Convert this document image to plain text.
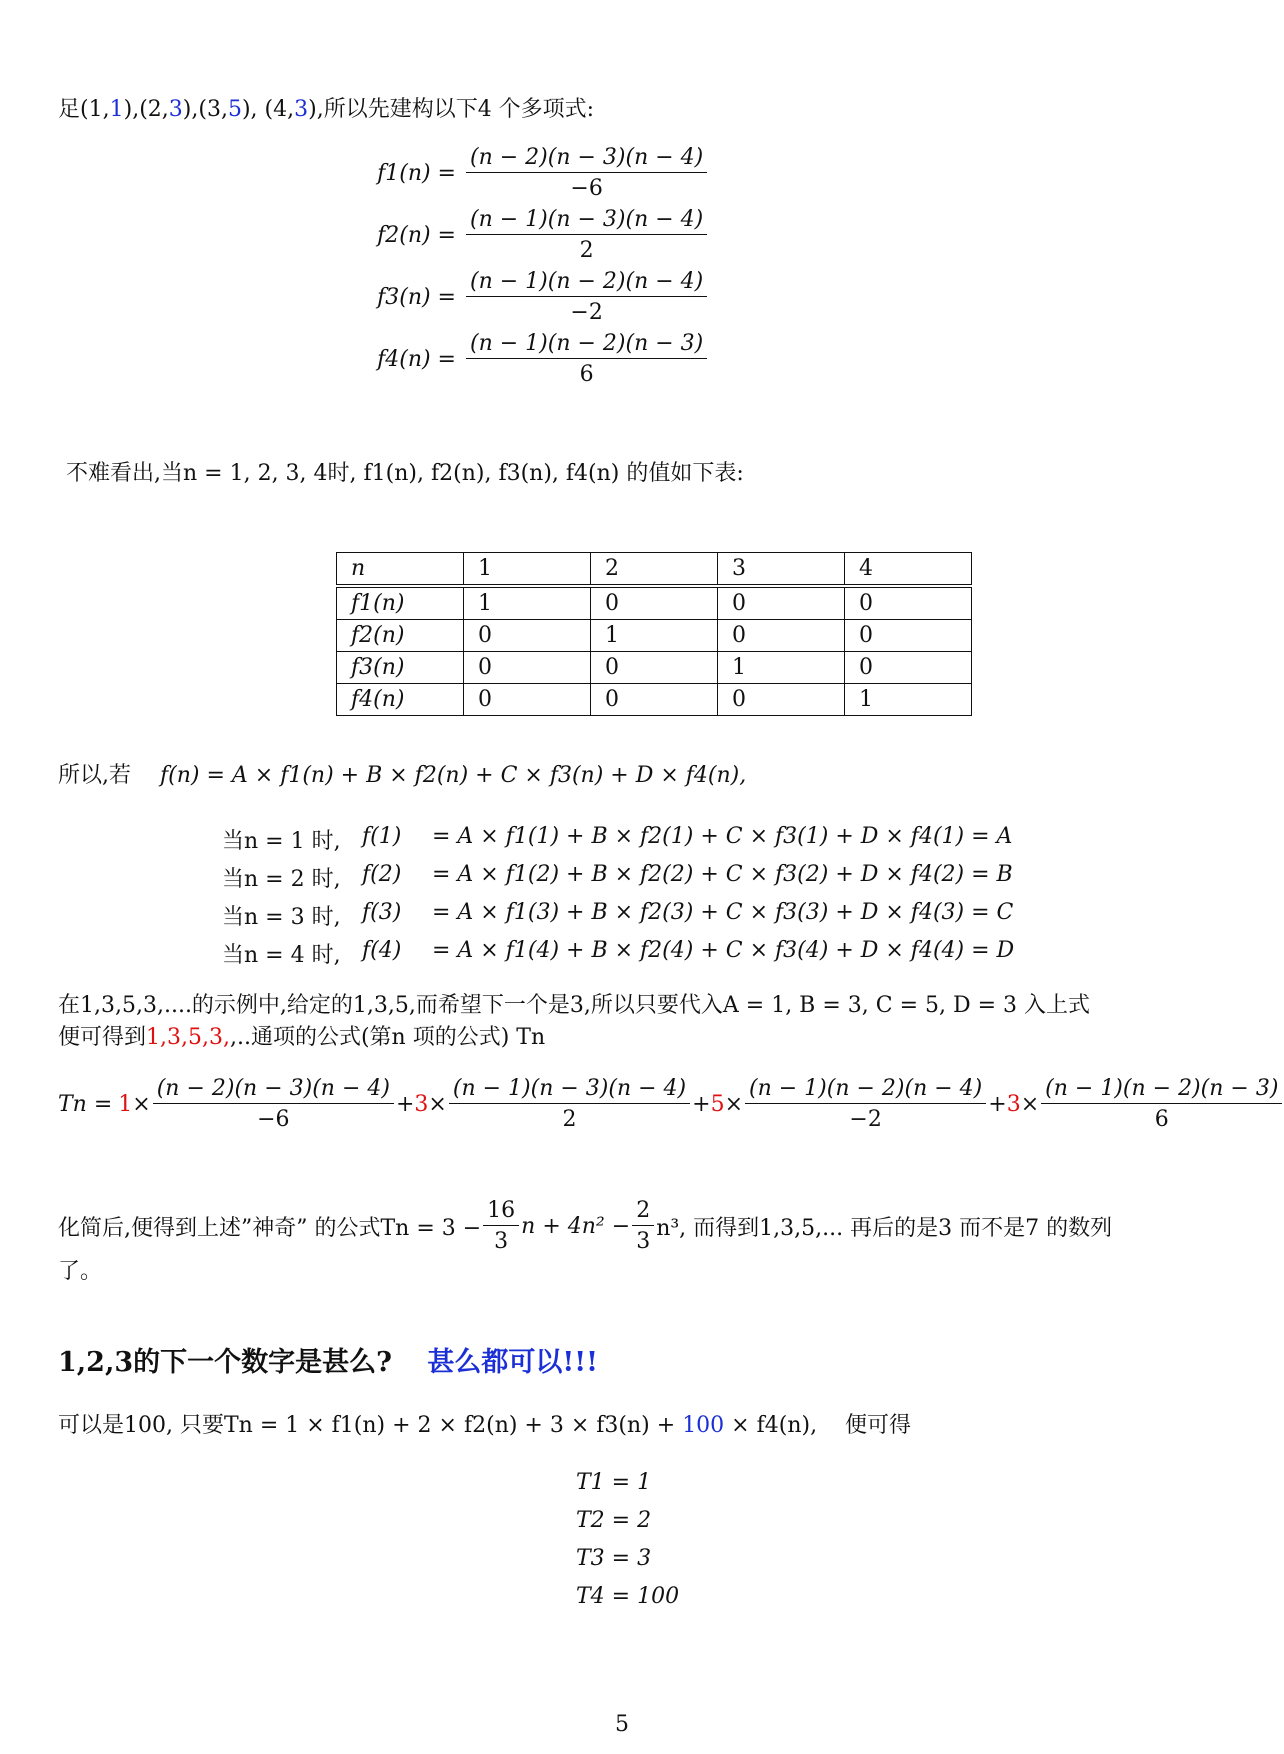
足(1,1),(2,3),(3,5), (4,3),所以先建构以下4 个多项式:
$f1(n) = \frac{(n - 2)(n - 3)(n - 4)}{-6}$
$f2(n) = \frac{(n - 1)(n - 3)(n - 4)}{2}$
$f3(n) = \frac{(n - 1)(n - 2)(n - 4)}{-2}$
$f4(n) = \frac{(n - 1)(n - 2)(n - 3)}{6}$
不难看出,当n = 1, 2, 3, 4时, f1(n), f2(n), f3(n), f4(n) 的值如下表:
n	1	2	3	4
f1(n)	1	0	0	0
f2(n)	0	1	0	0
f3(n)	0	0	1	0
f4(n)	0	0	0	1
所以,若 f(n) = A × f1(n) + B × f2(n) + C × f3(n) + D × f4(n),
当n = 1 时, f(1)	= A × f1(1) + B × f2(1) + C × f3(1) + D × f4(1) = A
当n = 2 时, f(2)	= A × f1(2) + B × f2(2) + C × f3(2) + D × f4(2) = B
当n = 3 时, f(3)	= A × f1(3) + B × f2(3) + C × f3(3) + D × f4(3) = C
当n = 4 时, f(4)	= A × f1(4) + B × f2(4) + C × f3(4) + D × f4(4) = D
在1,3,5,3,....的示例中,给定的1,3,5,而希望下一个是3,所以只要代入A = 1, B = 3, C = 5, D = 3 入上式
便可得到1,3,5,3,,..通项的公式(第n 项的公式) Tn
$Tn = 1\times \frac{(n - 2)(n - 3)(n - 4)}{-6} +3\times \frac{(n - 1)(n - 3)(n - 4)}{2} +5\times \frac{(n - 1)(n - 2)(n - 4)}{-2} +3\times \frac{(n - 1)(n - 2)(n - 3)}{6}$
化简后,便得到上述”神奇” 的公式$Tn = 3 - \frac{16}{3}$ $n + 4n^2 - \frac{2}{3} n^3$, 而得到1,3,5,... 再后的是3 而不是7 的数列
了。
1,2,3的下一个数字是甚么? 甚么都可以!!!
可以是100, 只要Tn = 1 × f1(n) + 2 × f2(n) + 3 × f3(n) + 100 × f4(n),    便可得
T1 = 1
T2 = 2
T3 = 3
T4 = 100
5
